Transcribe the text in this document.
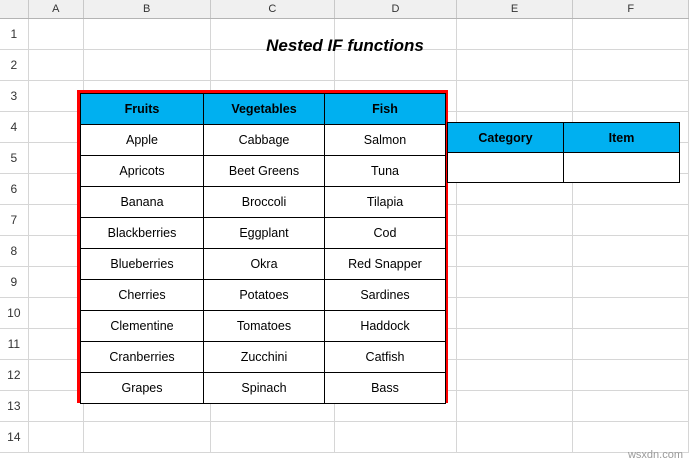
	A	B	C	D	E	F
1						
2						
3						
4						
5						
6						
7						
8						
9						
10						
11						
12						
13						
14						
Nested IF functions
Fruits	Vegetables	Fish
Apple	Cabbage	Salmon
Apricots	Beet Greens	Tuna
Banana	Broccoli	Tilapia
Blackberries	Eggplant	Cod
Blueberries	Okra	Red Snapper
Cherries	Potatoes	Sardines
Clementine	Tomatoes	Haddock
Cranberries	Zucchini	Catfish
Grapes	Spinach	Bass
Category	Item

wsxdn.com
